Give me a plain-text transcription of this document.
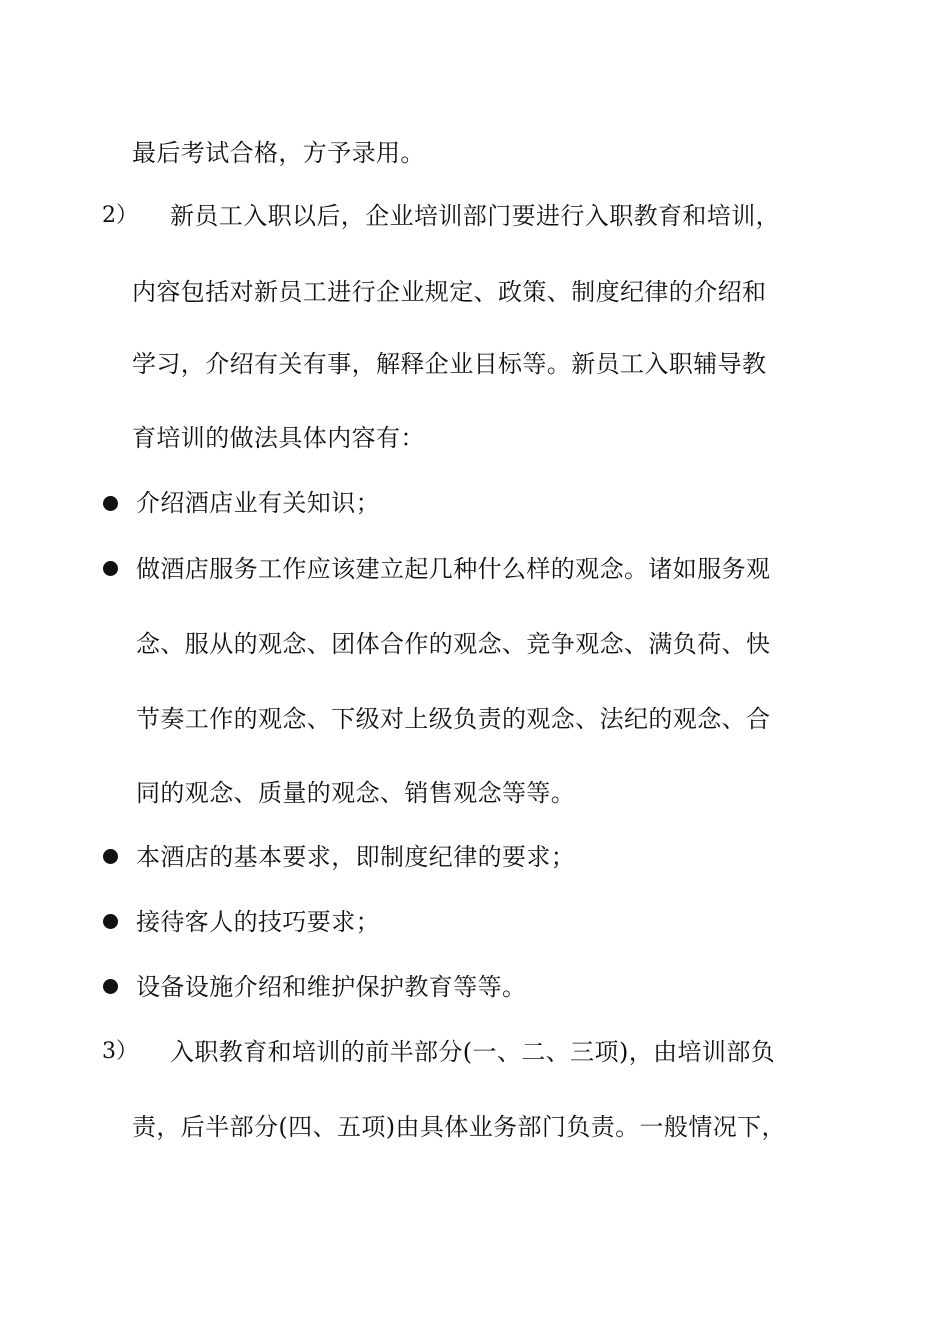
最后考试合格，方予录用。
2） 新员工入职以后，企业培训部门要进行入职教育和培训，
内容包括对新员工进行企业规定、政策、制度纪律的介绍和
学习，介绍有关有事，解释企业目标等。新员工入职辅导教
育培训的做法具体内容有：
介绍酒店业有关知识；
做酒店服务工作应该建立起几种什么样的观念。诸如服务观
念、服从的观念、团体合作的观念、竞争观念、满负荷、快
节奏工作的观念、下级对上级负责的观念、法纪的观念、合
同的观念、质量的观念、销售观念等等。
本酒店的基本要求，即制度纪律的要求；
接待客人的技巧要求；
设备设施介绍和维护保护教育等等。
3） 入职教育和培训的前半部分(一、二、三项)，由培训部负
责，后半部分(四、五项)由具体业务部门负责。一般情况下，
